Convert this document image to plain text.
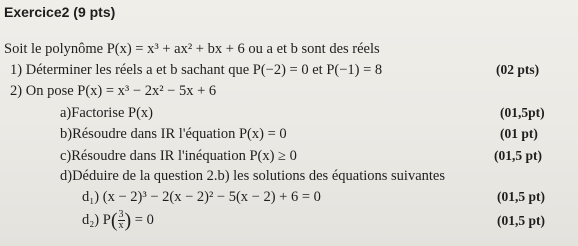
Exercice2 (9 pts)
Soit le polynôme P(x) = x³ + ax² + bx + 6 ou a et b sont des réels
1) Déterminer les réels a et b sachant que P(−2) = 0 et P(−1) = 8	(02 pts)
2) On pose P(x) = x³ − 2x² − 5x + 6
a)Factorise P(x)	(01,5pt)
b)Résoudre dans IR l'équation P(x) = 0	(01 pt)
c)Résoudre dans IR l'inéquation P(x) ≥ 0	(01,5 pt)
d)Déduire de la question 2.b) les solutions des équations suivantes
d₁) (x − 2)³ − 2(x − 2)² − 5(x − 2) + 6 = 0	(01,5 pt)
d₂) $P( \frac{3}{x}$ ) = 0	(01,5 pt)
